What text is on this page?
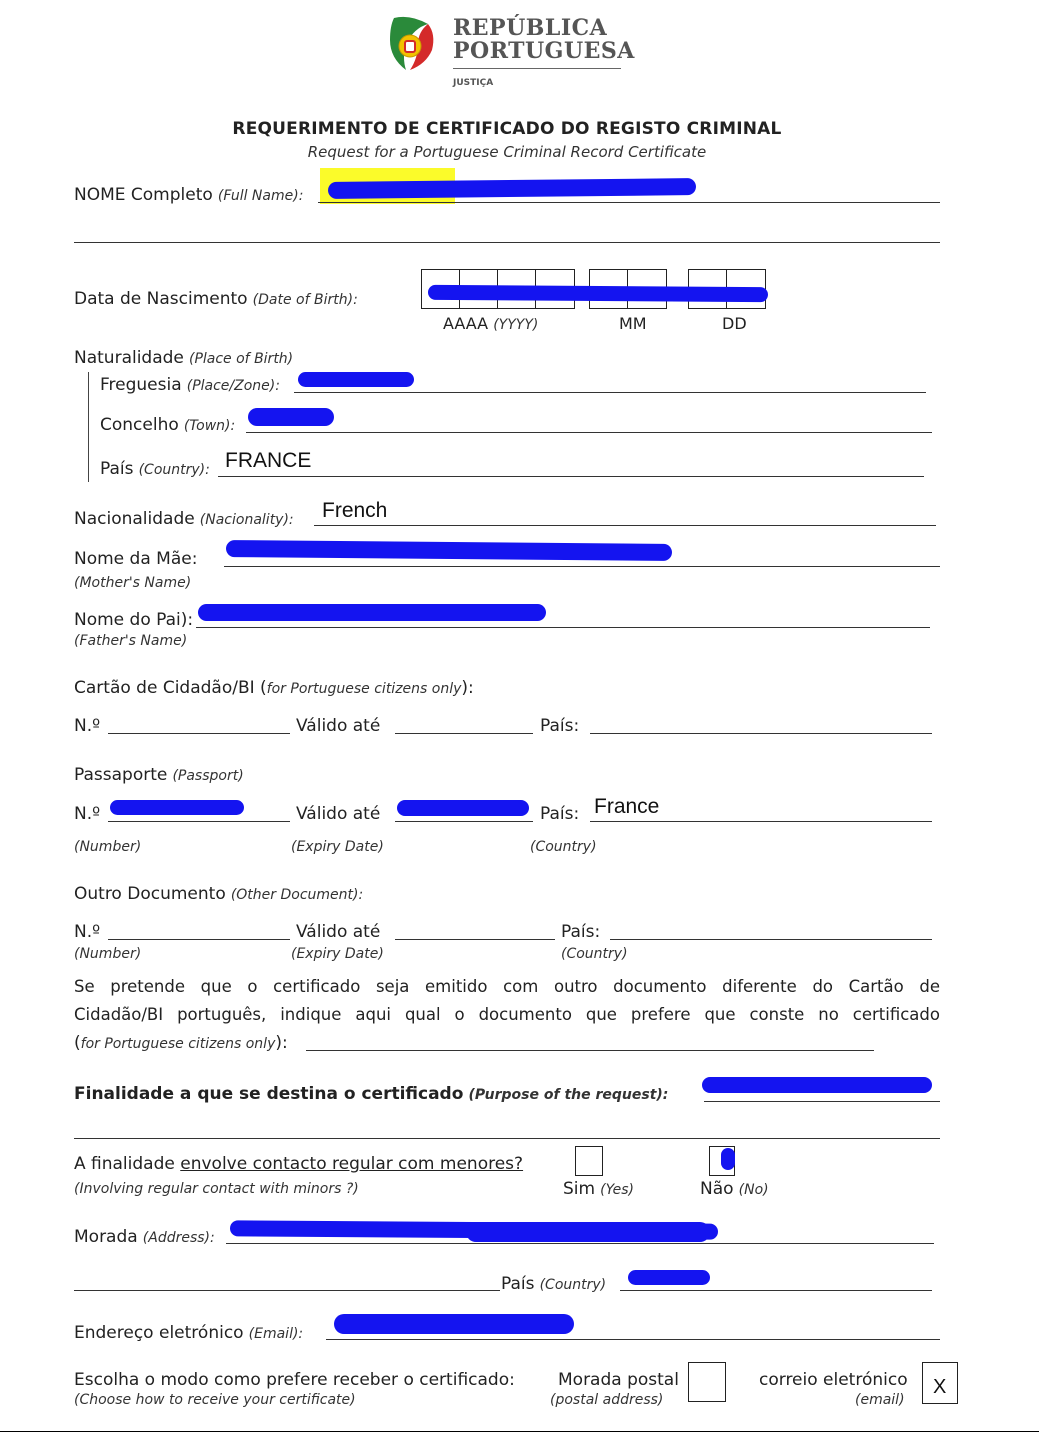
REPÚBLICA
PORTUGUESA
JUSTIÇA
REQUERIMENTO DE CERTIFICADO DO REGISTO CRIMINAL
Request for a Portuguese Criminal Record Certificate
NOME Completo (Full Name):
Data de Nascimento (Date of Birth):
AAAA (YYYY)	MM	DD
Naturalidade (Place of Birth)
Freguesia (Place/Zone):
Concelho (Town):
País (Country): FRANCE
Nacionalidade (Nacionality): French
Nome da Mãe:
(Mother's Name)
Nome do Pai):
(Father's Name)
Cartão de Cidadão/BI (for Portuguese citizens only):
N.º	Válido até	País:
Passaporte (Passport)
N.º	Válido até	País: France
(Number)	(Expiry Date)	(Country)
Outro Documento (Other Document):
N.º	Válido até	País:
(Number)	(Expiry Date)	(Country)
Se pretende que o certificado seja emitido com outro documento diferente do Cartão de
Cidadão/BI português, indique aqui qual o documento que prefere que conste no certificado
(for Portuguese citizens only):
Finalidade a que se destina o certificado (Purpose of the request):
A finalidade envolve contacto regular com menores?
(Involving regular contact with minors ?)	Sim (Yes)	Não (No)
Morada (Address):
País (Country)
Endereço eletrónico (Email):
Escolha o modo como prefere receber o certificado:
(Choose how to receive your certificate)
Morada postal
(postal address)
correio eletrónico
(email)
X
